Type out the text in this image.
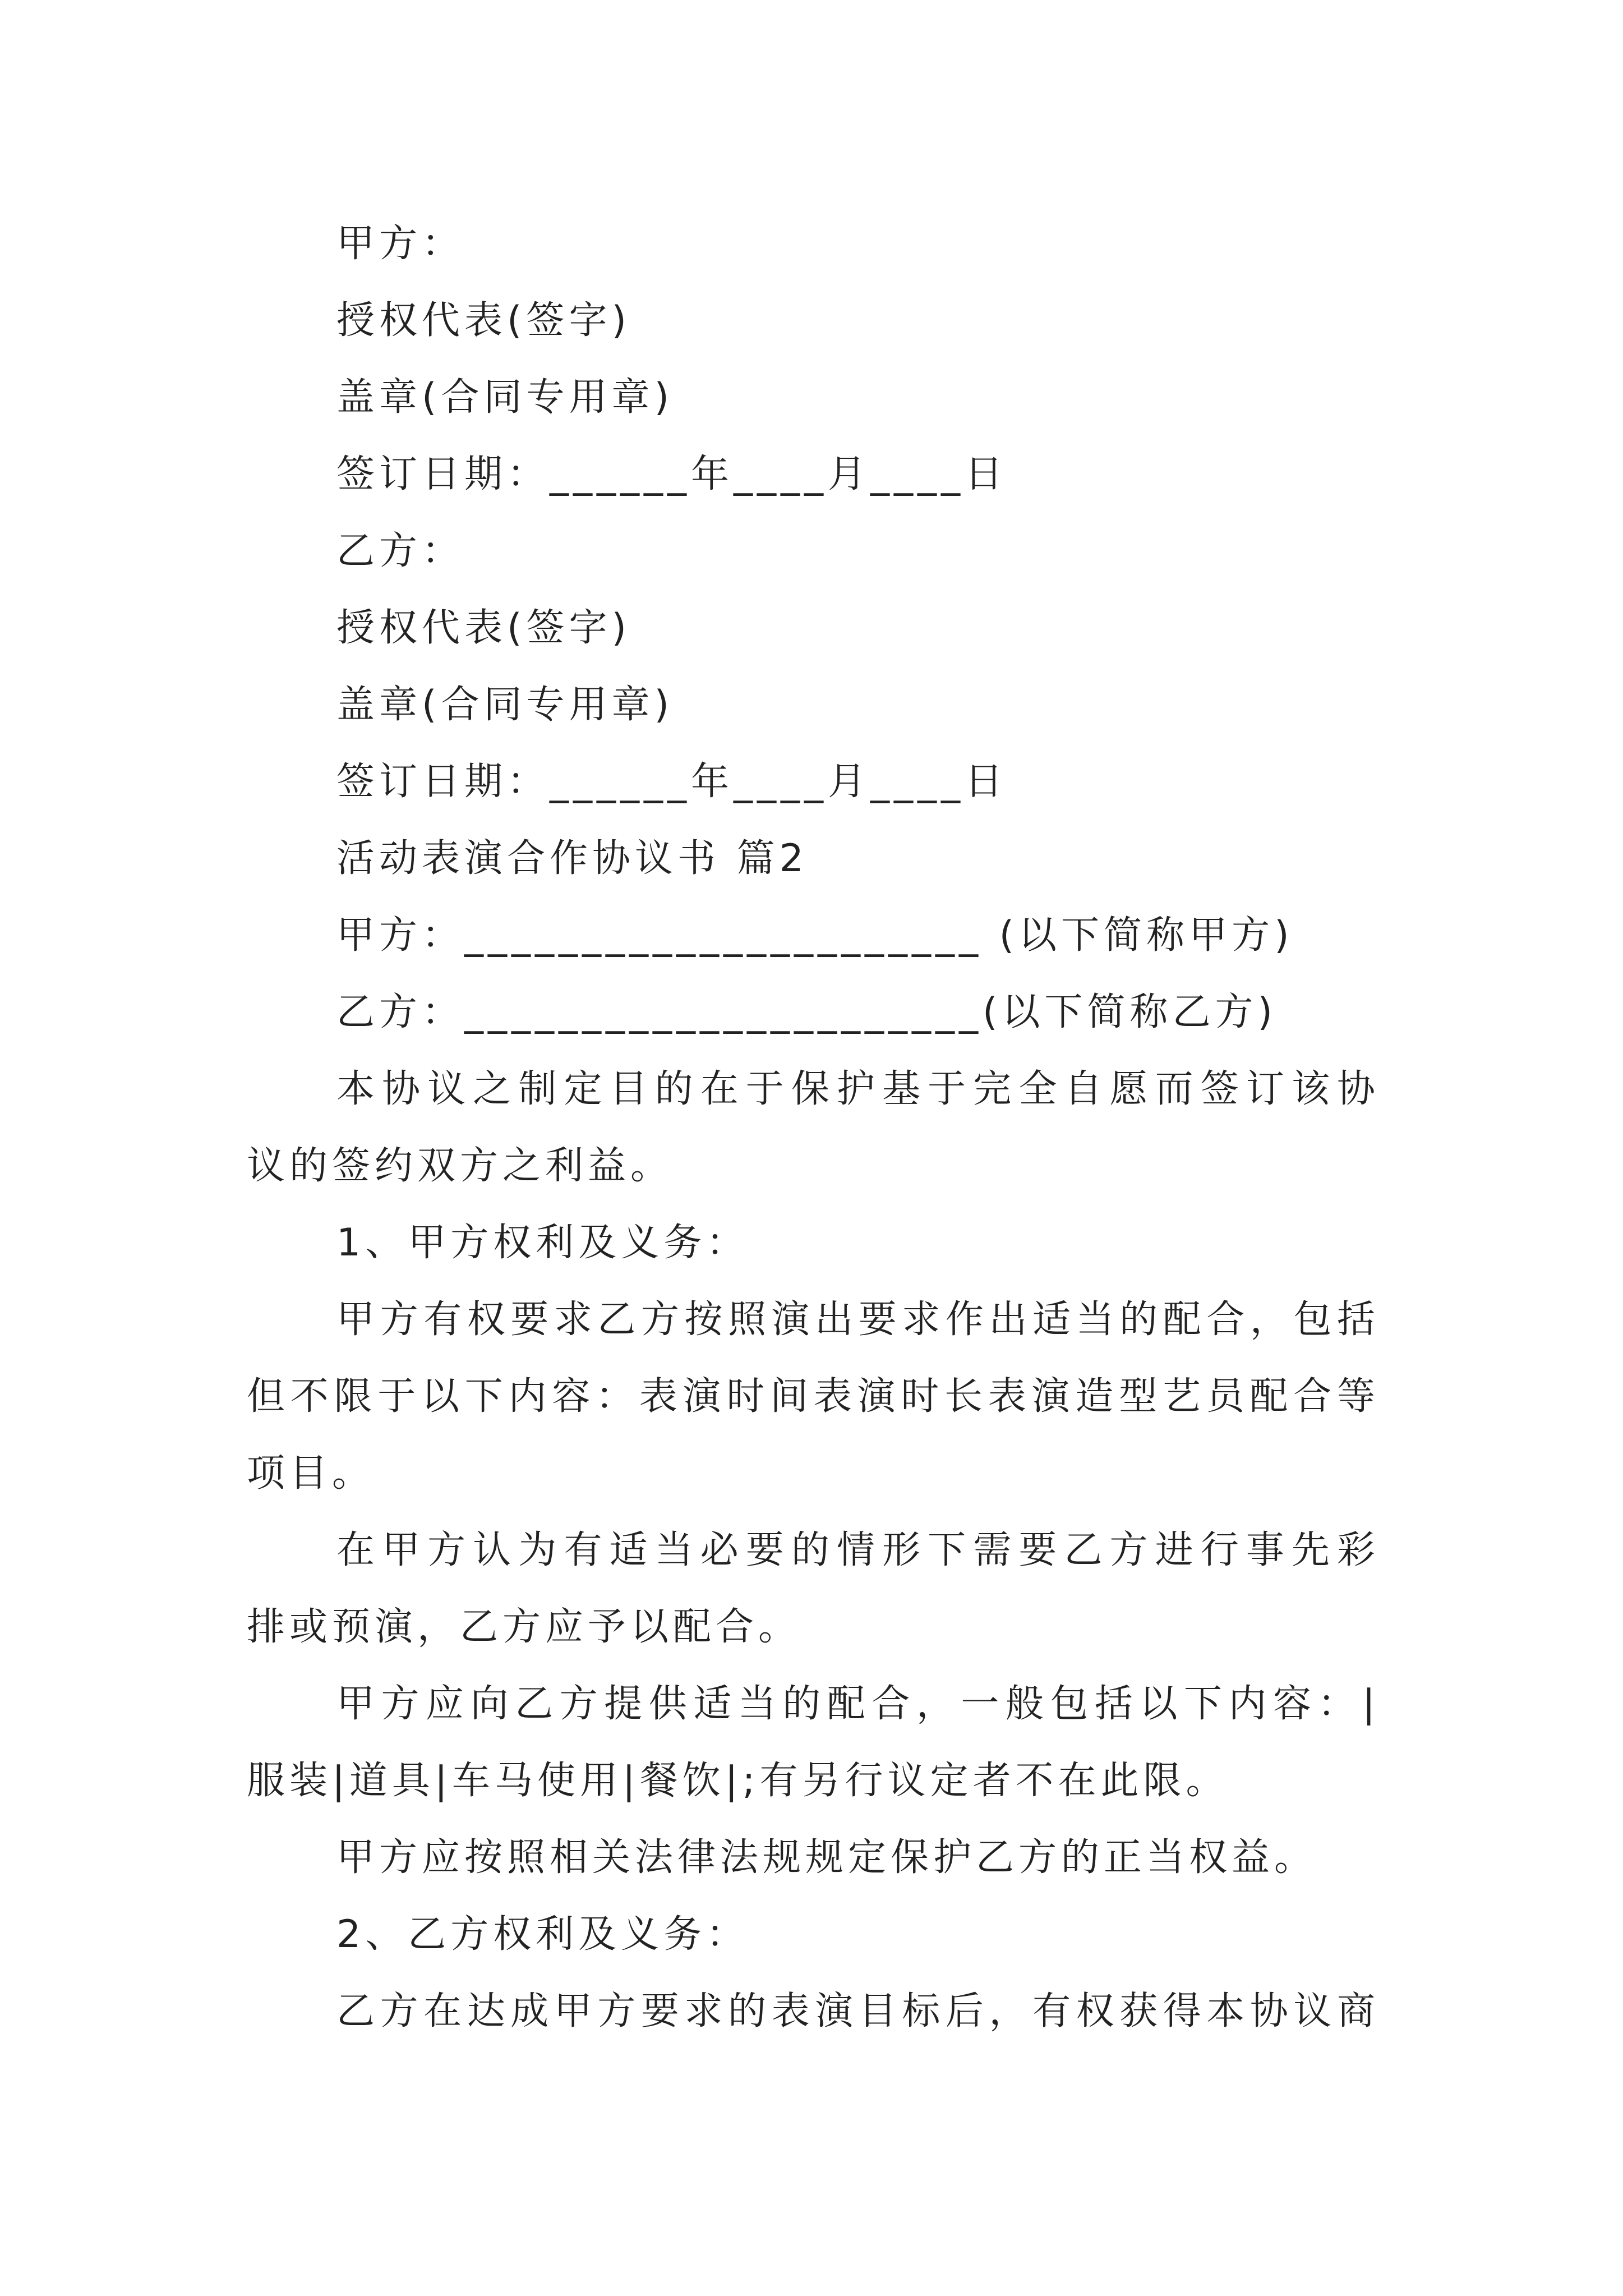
甲方：
授权代表(签字)
盖章(合同专用章)
签订日期：______年____月____日
乙方：
授权代表(签字)
盖章(合同专用章)
签订日期：______年____月____日
活动表演合作协议书 篇2
甲方：______________________ (以下简称甲方)
乙方：______________________(以下简称乙方)
本协议之制定目的在于保护基于完全自愿而签订该协
议的签约双方之利益。
1、甲方权利及义务：
甲方有权要求乙方按照演出要求作出适当的配合，包括
但不限于以下内容：表演时间表演时长表演造型艺员配合等
项目。
在甲方认为有适当必要的情形下需要乙方进行事先彩
排或预演，乙方应予以配合。
甲方应向乙方提供适当的配合，一般包括以下内容：|
服装|道具|车马使用|餐饮|;有另行议定者不在此限。
甲方应按照相关法律法规规定保护乙方的正当权益。
2、乙方权利及义务：
乙方在达成甲方要求的表演目标后，有权获得本协议商
